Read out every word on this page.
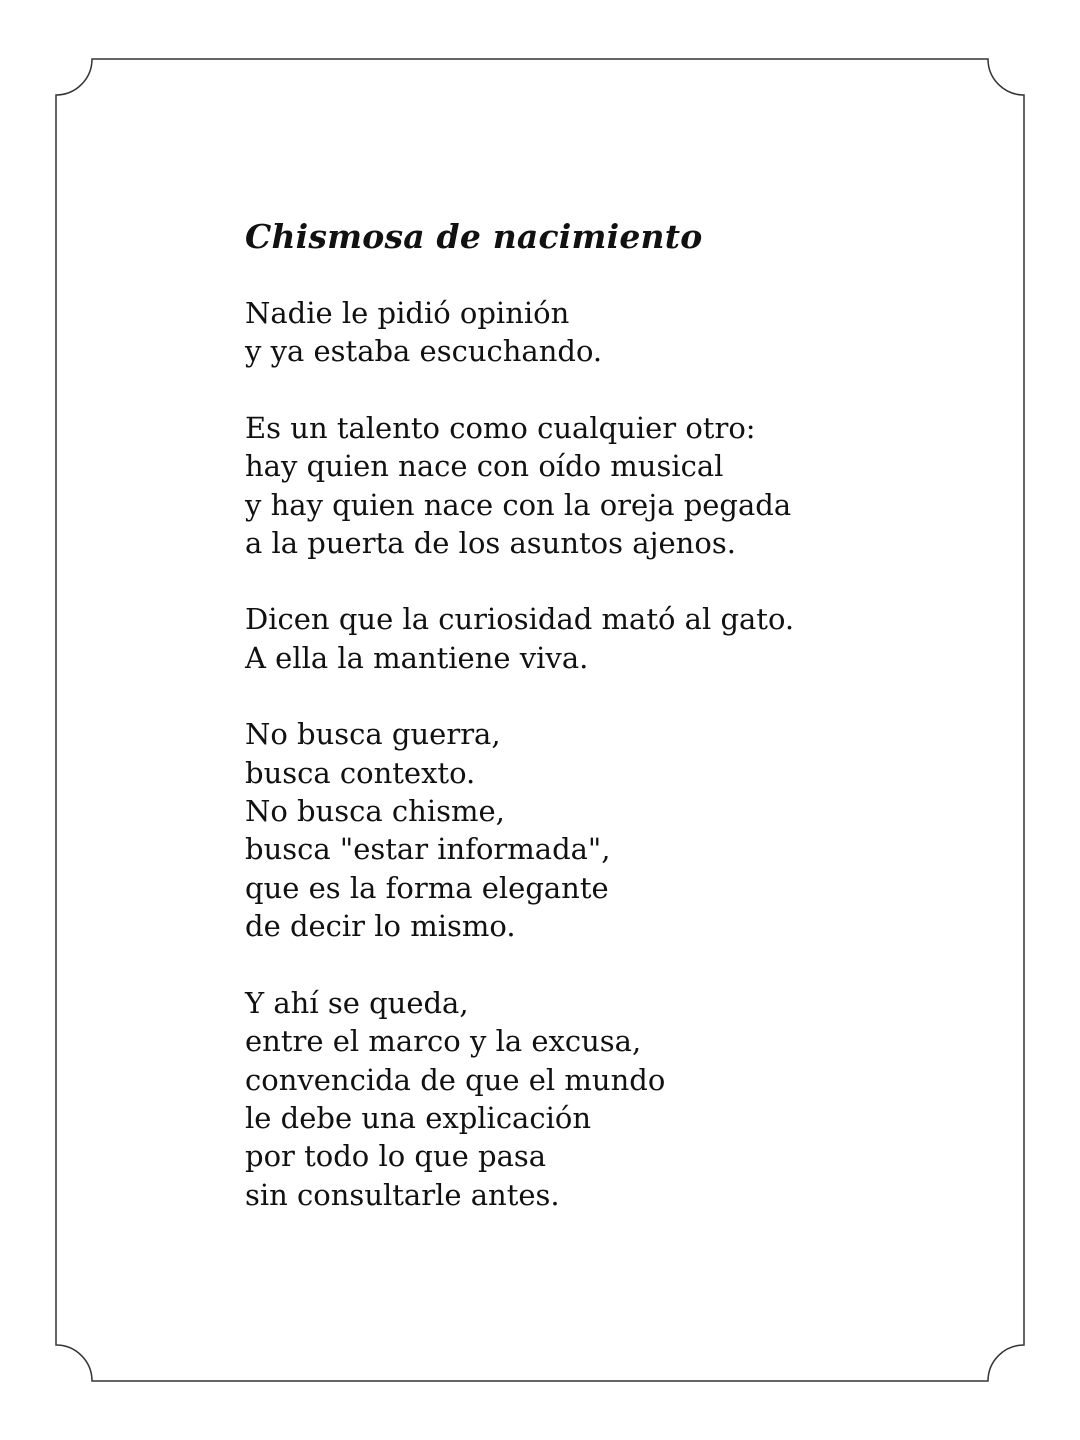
Chismosa de nacimiento
Nadie le pidió opinión
y ya estaba escuchando.
Es un talento como cualquier otro:
hay quien nace con oído musical
y hay quien nace con la oreja pegada
a la puerta de los asuntos ajenos.
Dicen que la curiosidad mató al gato.
A ella la mantiene viva.
No busca guerra,
busca contexto.
No busca chisme,
busca "estar informada",
que es la forma elegante
de decir lo mismo.
Y ahí se queda,
entre el marco y la excusa,
convencida de que el mundo
le debe una explicación
por todo lo que pasa
sin consultarle antes.
